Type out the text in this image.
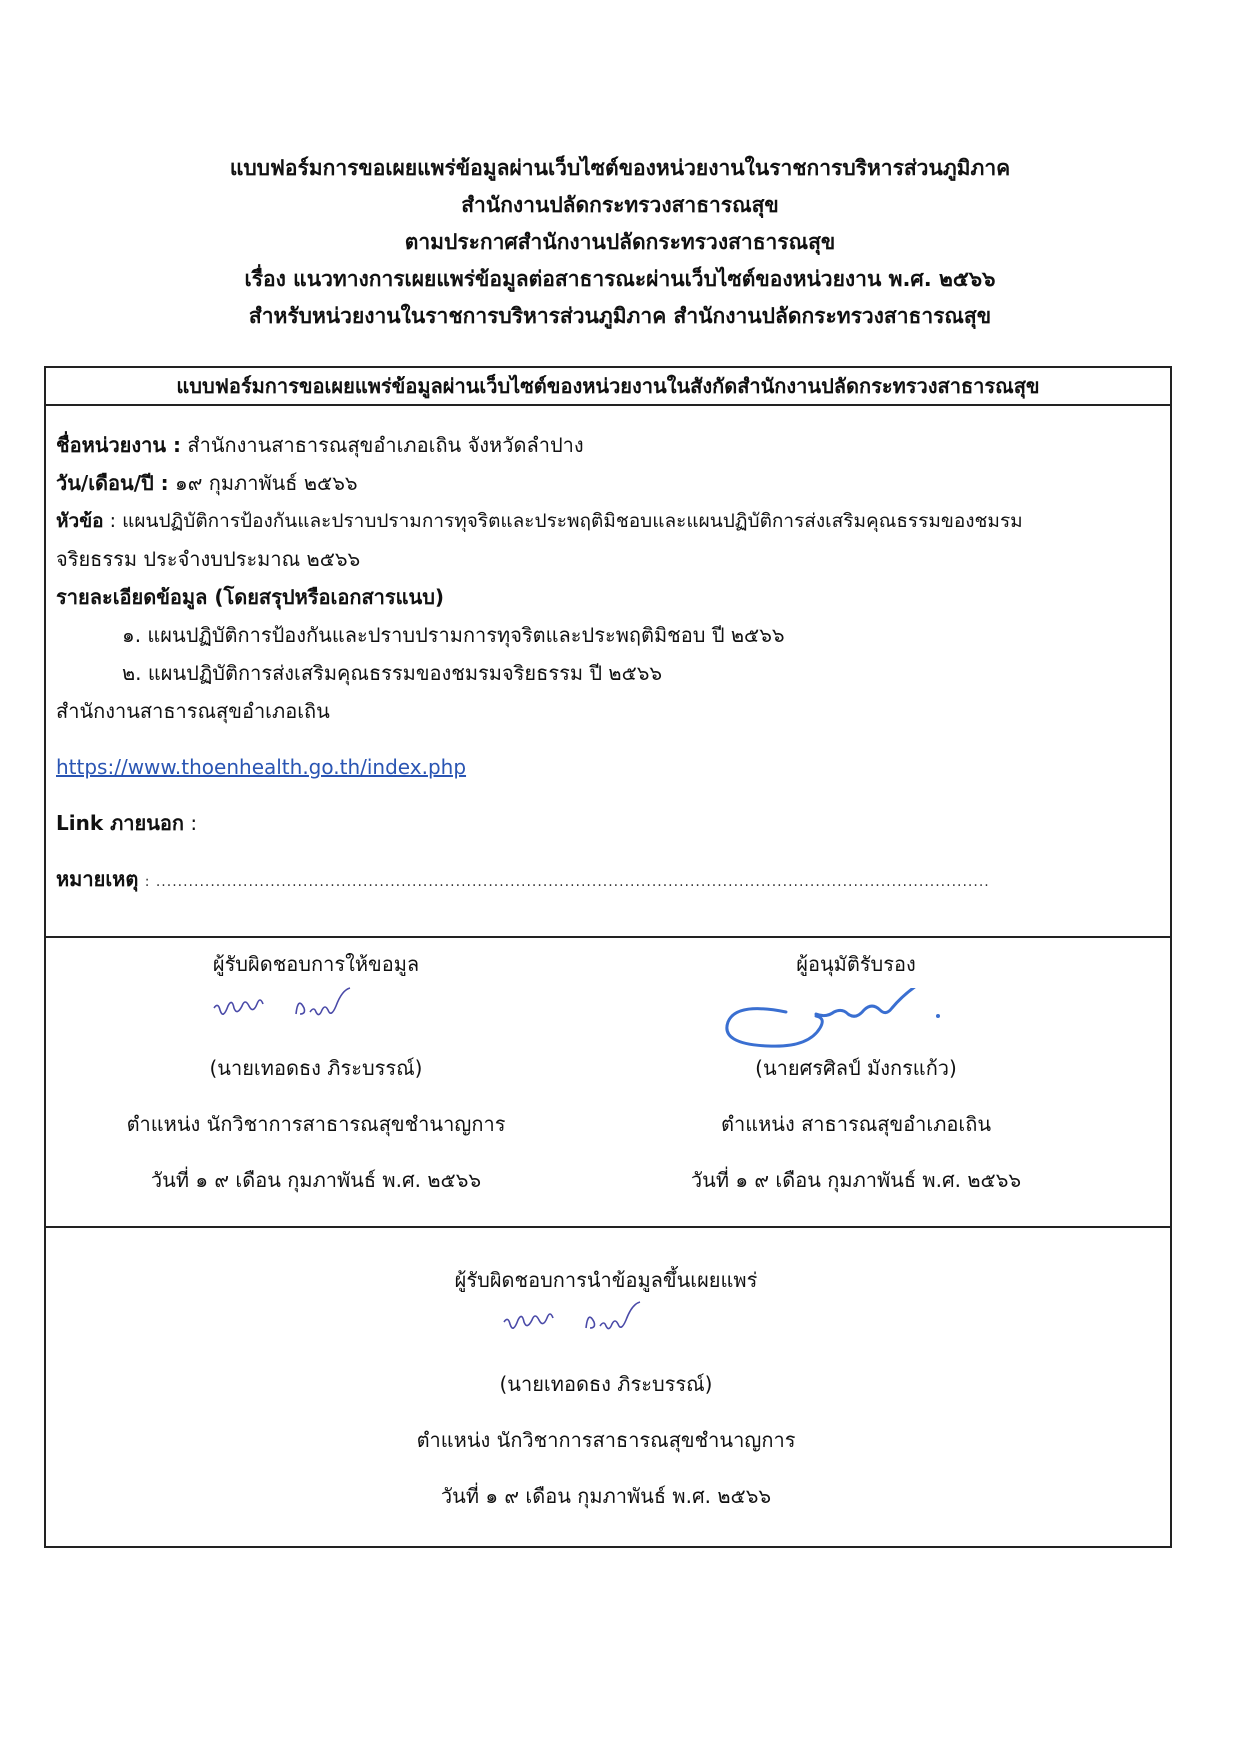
แบบฟอร์มการขอเผยแพร่ข้อมูลผ่านเว็บไซต์ของหน่วยงานในราชการบริหารส่วนภูมิภาค
สำนักงานปลัดกระทรวงสาธารณสุข
ตามประกาศสำนักงานปลัดกระทรวงสาธารณสุข
เรื่อง แนวทางการเผยแพร่ข้อมูลต่อสาธารณะผ่านเว็บไซต์ของหน่วยงาน พ.ศ. ๒๕๖๖
สำหรับหน่วยงานในราชการบริหารส่วนภูมิภาค สำนักงานปลัดกระทรวงสาธารณสุข
แบบฟอร์มการขอเผยแพร่ข้อมูลผ่านเว็บไซต์ของหน่วยงานในสังกัดสำนักงานปลัดกระทรวงสาธารณสุข
ชื่อหน่วยงาน : สำนักงานสาธารณสุขอำเภอเถิน จังหวัดลำปาง
วัน/เดือน/ปี : ๑๙ กุมภาพันธ์ ๒๕๖๖
หัวข้อ : แผนปฏิบัติการป้องกันและปราบปรามการทุจริตและประพฤติมิชอบและแผนปฏิบัติการส่งเสริมคุณธรรมของชมรม
จริยธรรม ประจำงบประมาณ ๒๕๖๖
รายละเอียดข้อมูล (โดยสรุปหรือเอกสารแนบ)
๑. แผนปฏิบัติการป้องกันและปราบปรามการทุจริตและประพฤติมิชอบ ปี ๒๕๖๖
๒. แผนปฏิบัติการส่งเสริมคุณธรรมของชมรมจริยธรรม ปี ๒๕๖๖
สำนักงานสาธารณสุขอำเภอเถิน
https://www.thoenhealth.go.th/index.php
Link ภายนอก :
หมายเหตุ : .........................................................................................................................................................
ผู้รับผิดชอบการให้ขอมูล
(นายเทอดธง ภิระบรรณ์)
ตำแหน่ง นักวิชาการสาธารณสุขชำนาญการ
วันที่ ๑ ๙ เดือน กุมภาพันธ์ พ.ศ. ๒๕๖๖
ผู้อนุมัติรับรอง
(นายศรศิลป์ มังกรแก้ว)
ตำแหน่ง สาธารณสุขอำเภอเถิน
วันที่ ๑ ๙ เดือน กุมภาพันธ์ พ.ศ. ๒๕๖๖
ผู้รับผิดชอบการนำข้อมูลขึ้นเผยแพร่
(นายเทอดธง ภิระบรรณ์)
ตำแหน่ง นักวิชาการสาธารณสุขชำนาญการ
วันที่ ๑ ๙ เดือน กุมภาพันธ์ พ.ศ. ๒๕๖๖
